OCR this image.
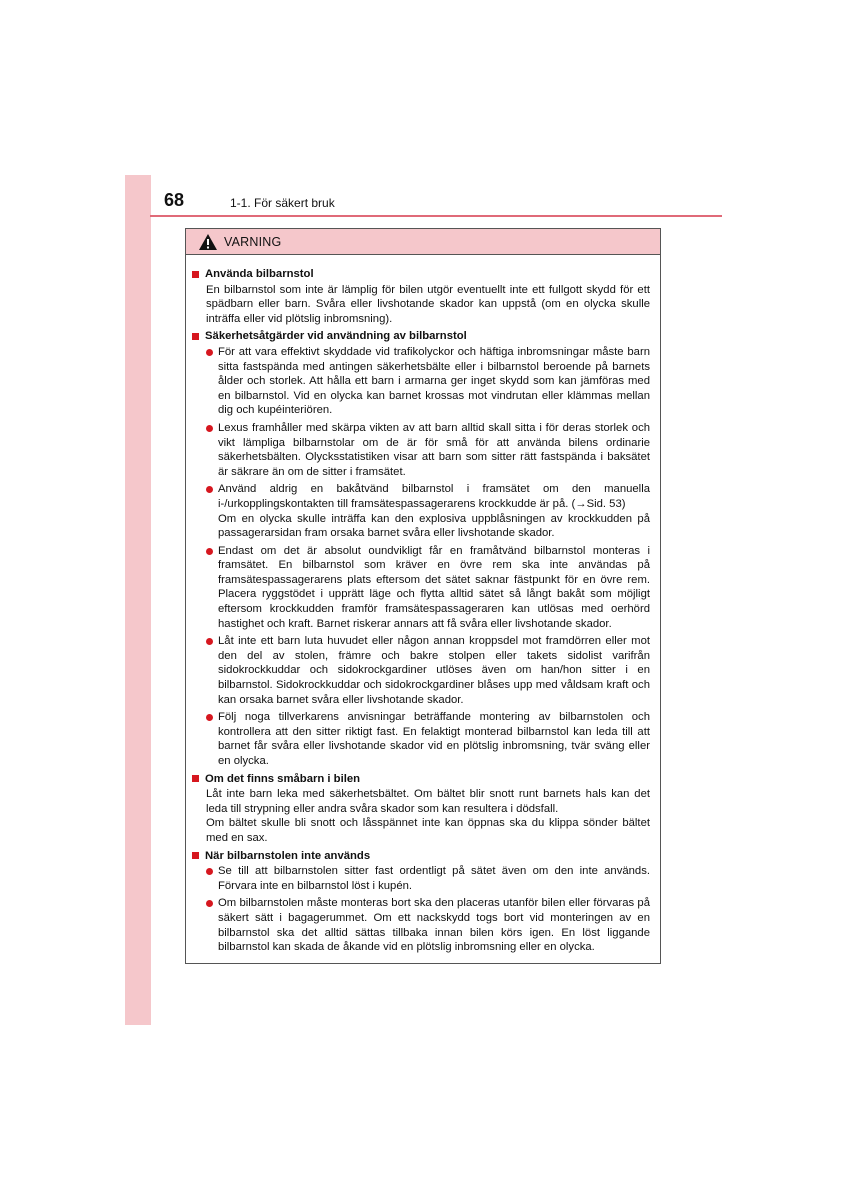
68	1-1. För säkert bruk
VARNING
Använda bilbarnstol
En bilbarnstol som inte är lämplig för bilen utgör eventuellt inte ett fullgott skydd för ett spädbarn eller barn. Svåra eller livshotande skador kan uppstå (om en olycka skulle inträffa eller vid plötslig inbromsning).
Säkerhetsåtgärder vid användning av bilbarnstol
För att vara effektivt skyddade vid trafikolyckor och häftiga inbromsningar måste barn sitta fastspända med antingen säkerhetsbälte eller i bilbarnstol beroende på barnets ålder och storlek. Att hålla ett barn i armarna ger inget skydd som kan jämföras med en bilbarnstol. Vid en olycka kan barnet krossas mot vindrutan eller klämmas mellan dig och kupéinteriören.
Lexus framhåller med skärpa vikten av att barn alltid skall sitta i för deras storlek och vikt lämpliga bilbarnstolar om de är för små för att använda bilens ordinarie säkerhetsbälten. Olycksstatistiken visar att barn som sitter rätt fastspända i baksätet är säkrare än om de sitter i framsätet.
Använd aldrig en bakåtvänd bilbarnstol i framsätet om den manuella i-/urkopplingskontakten till framsätespassagerarens krockkudde är på. (→Sid. 53)
Om en olycka skulle inträffa kan den explosiva uppblåsningen av krockkudden på passagerarsidan fram orsaka barnet svåra eller livshotande skador.
Endast om det är absolut oundvikligt får en framåtvänd bilbarnstol monteras i framsätet. En bilbarnstol som kräver en övre rem ska inte användas på framsätespassagerarens plats eftersom det sätet saknar fästpunkt för en övre rem. Placera ryggstödet i upprätt läge och flytta alltid sätet så långt bakåt som möjligt eftersom krockkudden framför framsätespassageraren kan utlösas med oerhörd hastighet och kraft. Barnet riskerar annars att få svåra eller livshotande skador.
Låt inte ett barn luta huvudet eller någon annan kroppsdel mot framdörren eller mot den del av stolen, främre och bakre stolpen eller takets sidolist varifrån sidokrockkuddar och sidokrockgardiner utlöses även om han/hon sitter i en bilbarnstol. Sidokrockkuddar och sidokrockgardiner blåses upp med våldsam kraft och kan orsaka barnet svåra eller livshotande skador.
Följ noga tillverkarens anvisningar beträffande montering av bilbarnstolen och kontrollera att den sitter riktigt fast. En felaktigt monterad bilbarnstol kan leda till att barnet får svåra eller livshotande skador vid en plötslig inbromsning, tvär sväng eller en olycka.
Om det finns småbarn i bilen
Låt inte barn leka med säkerhetsbältet. Om bältet blir snott runt barnets hals kan det leda till strypning eller andra svåra skador som kan resultera i dödsfall.
Om bältet skulle bli snott och låsspännet inte kan öppnas ska du klippa sönder bältet med en sax.
När bilbarnstolen inte används
Se till att bilbarnstolen sitter fast ordentligt på sätet även om den inte används. Förvara inte en bilbarnstol löst i kupén.
Om bilbarnstolen måste monteras bort ska den placeras utanför bilen eller förvaras på säkert sätt i bagagerummet. Om ett nackskydd togs bort vid monteringen av en bilbarnstol ska det alltid sättas tillbaka innan bilen körs igen. En löst liggande bilbarnstol kan skada de åkande vid en plötslig inbromsning eller en olycka.
